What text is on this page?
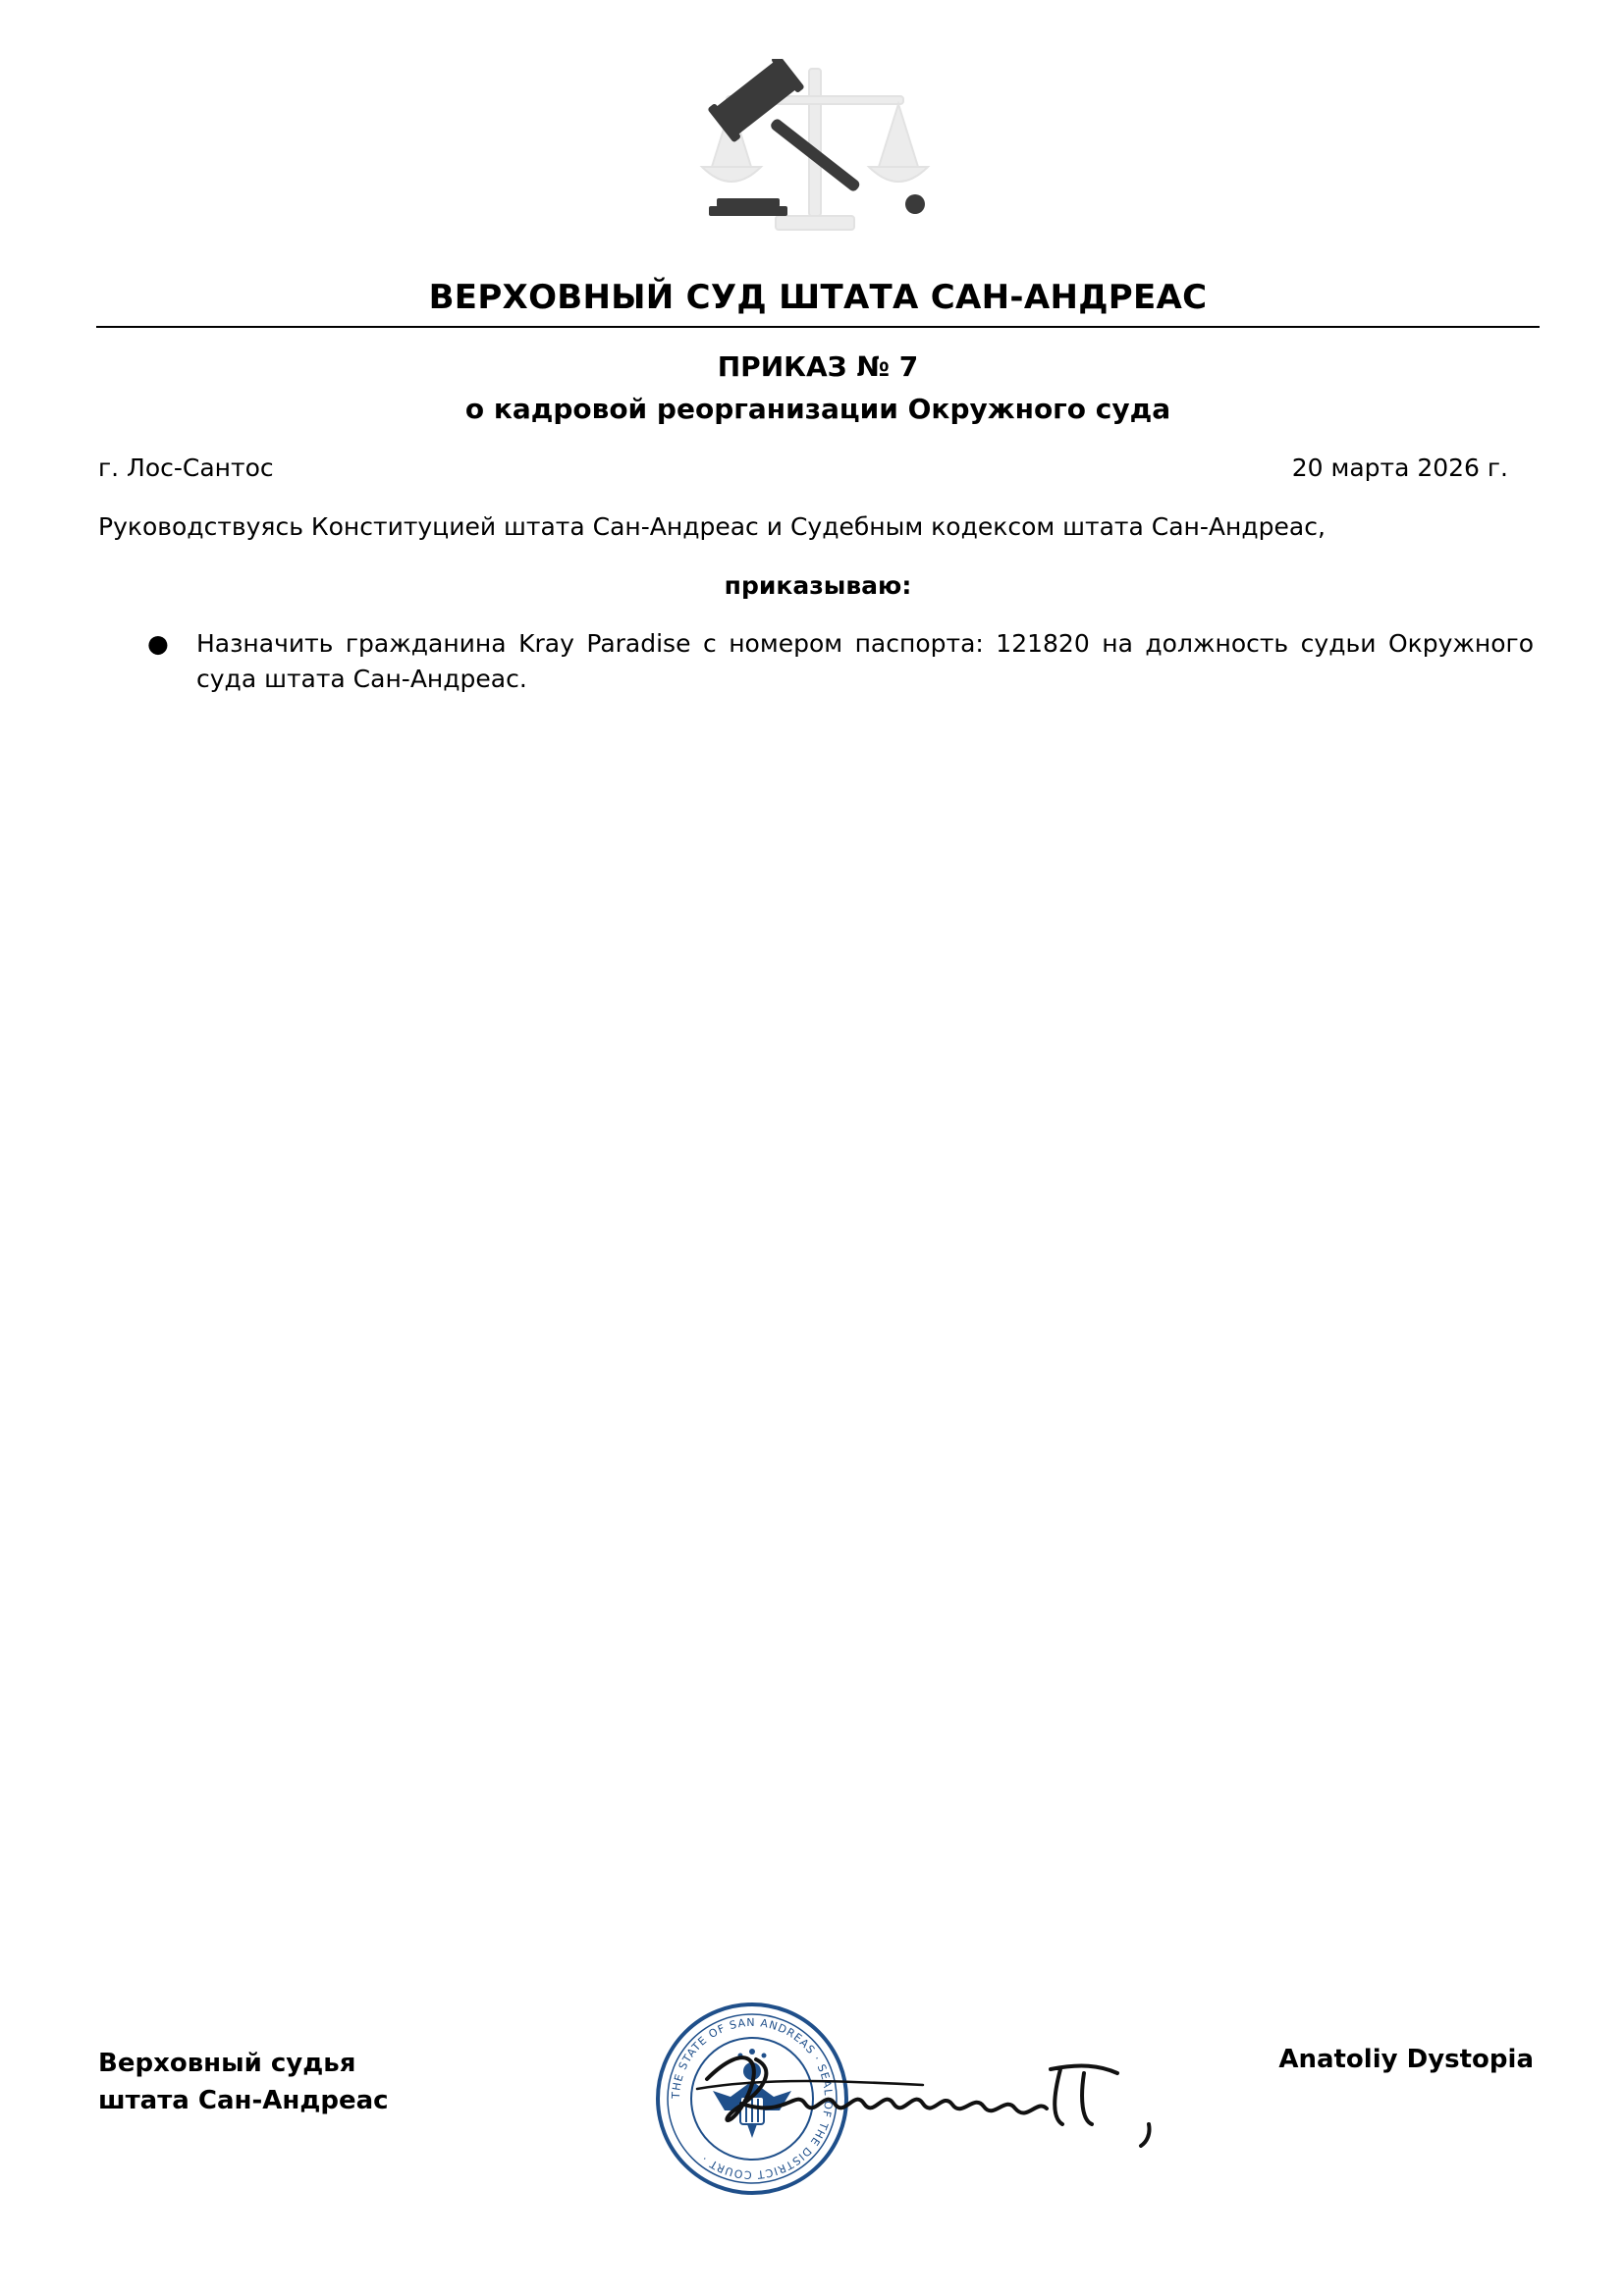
ВЕРХОВНЫЙ СУД ШТАТА САН-АНДРЕАС
ПРИКАЗ № 7
о кадровой реорганизации Окружного суда
г. Лос-Сантос	20 марта 2026 г.
Руководствуясь Конституцией штата Сан-Андреас и Судебным кодексом штата Сан-Андреас,
приказываю:
● Назначить гражданина Kray Paradise с номером паспорта: 121820 на должность судьи Окружного суда штата Сан-Андреас.
Верховный судья
штата Сан-Андреас
Anatoliy Dystopia
THE STATE OF SAN ANDREAS · SEAL OF THE DISTRICT COURT ·
